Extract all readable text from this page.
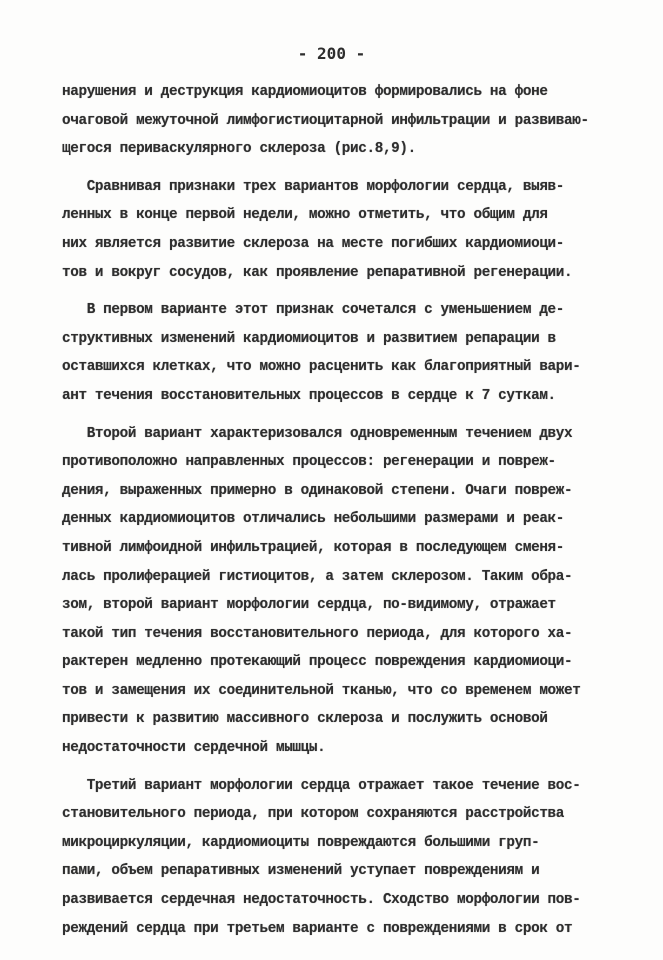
- 200 -
нарушения и деструкция кардиомиоцитов формировались на фоне
очаговой межуточной лимфогистиоцитарной инфильтрации и развиваю-
щегося периваскулярного склероза (рис.8,9).
Сравнивая признаки трех вариантов морфологии сердца, выяв-
ленных в конце первой недели, можно отметить, что общим для
них является развитие склероза на месте погибших кардиомиоци-
тов и вокруг сосудов, как проявление репаративной регенерации.
В первом варианте этот признак сочетался с уменьшением де-
структивных изменений кардиомиоцитов и развитием репарации в
оставшихся клетках, что можно расценить как благоприятный вари-
ант течения восстановительных процессов в сердце к 7 суткам.
Второй вариант характеризовался одновременным течением двух
противоположно направленных процессов: регенерации и повреж-
дения, выраженных примерно в одинаковой степени. Очаги повреж-
денных кардиомиоцитов отличались небольшими размерами и реак-
тивной лимфоидной инфильтрацией, которая в последующем сменя-
лась пролиферацией гистиоцитов, а затем склерозом. Таким обра-
зом, второй вариант морфологии сердца, по-видимому, отражает
такой тип течения восстановительного периода, для которого ха-
рактерен медленно протекающий процесс повреждения кардиомиоци-
тов и замещения их соединительной тканью, что со временем может
привести к развитию массивного склероза и послужить основой
недостаточности сердечной мышцы.
Третий вариант морфологии сердца отражает такое течение вос-
становительного периода, при котором сохраняются расстройства
микроциркуляции, кардиомиоциты повреждаются большими груп-
пами, объем репаративных изменений уступает повреждениям и
развивается сердечная недостаточность. Сходство морфологии пов-
реждений сердца при третьем варианте с повреждениями в срок от
